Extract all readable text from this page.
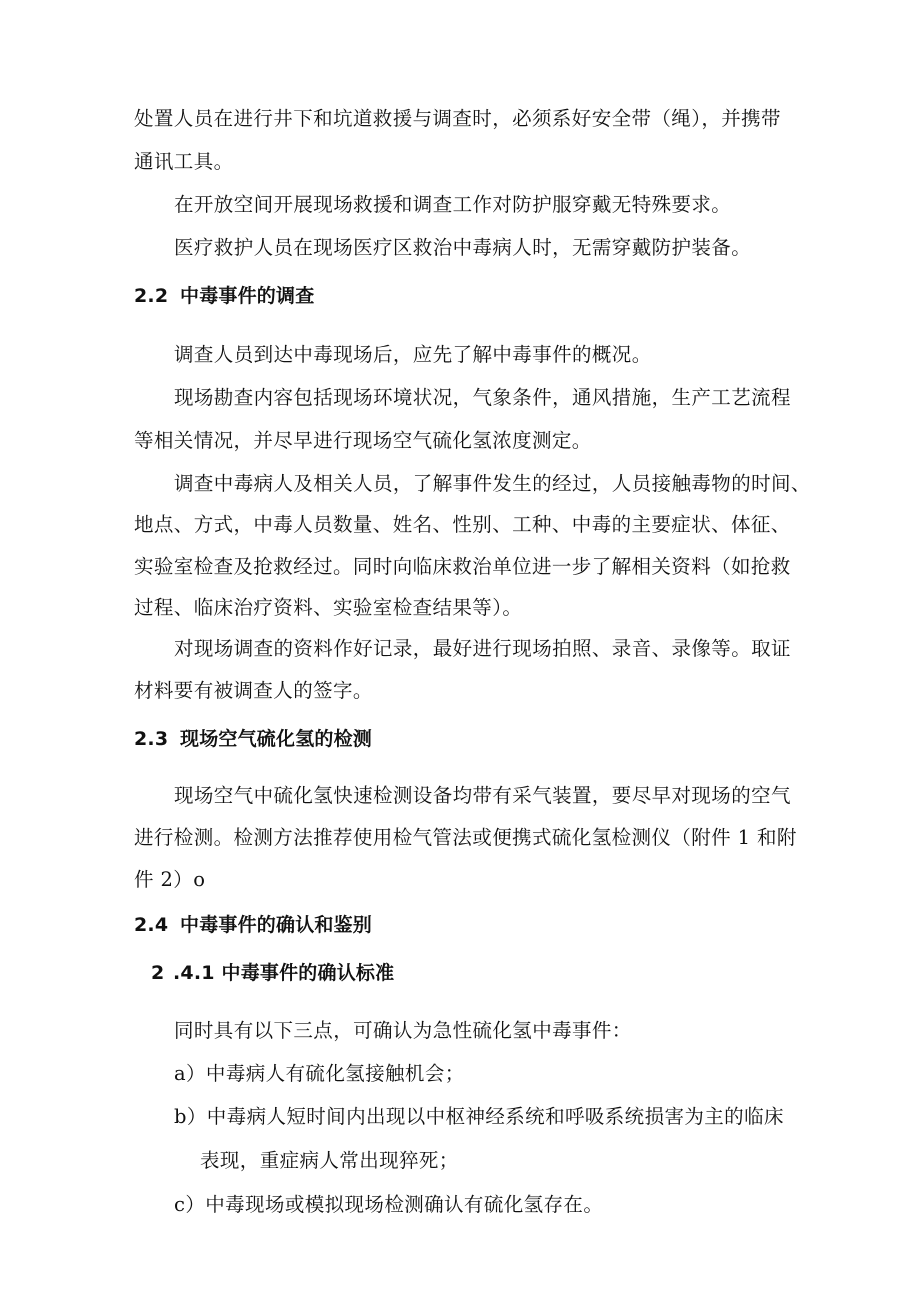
处置人员在进行井下和坑道救援与调查时，必须系好安全带（绳），并携带
通讯工具。
在开放空间开展现场救援和调查工作对防护服穿戴无特殊要求。
医疗救护人员在现场医疗区救治中毒病人时，无需穿戴防护装备。
2.2 中毒事件的调查
调查人员到达中毒现场后，应先了解中毒事件的概况。
现场勘查内容包括现场环境状况，气象条件，通风措施，生产工艺流程
等相关情况，并尽早进行现场空气硫化氢浓度测定。
调查中毒病人及相关人员，了解事件发生的经过，人员接触毒物的时间、
地点、方式，中毒人员数量、姓名、性别、工种、中毒的主要症状、体征、
实验室检查及抢救经过。同时向临床救治单位进一步了解相关资料（如抢救
过程、临床治疗资料、实验室检查结果等）。
对现场调查的资料作好记录，最好进行现场拍照、录音、录像等。取证
材料要有被调查人的签字。
2.3 现场空气硫化氢的检测
现场空气中硫化氢快速检测设备均带有采气装置，要尽早对现场的空气
进行检测。检测方法推荐使用检气管法或便携式硫化氢检测仪（附件 1 和附
件 2）o
2.4 中毒事件的确认和鉴别
2 .4.1 中毒事件的确认标准
同时具有以下三点，可确认为急性硫化氢中毒事件：
a）中毒病人有硫化氢接触机会；
b）中毒病人短时间内出现以中枢神经系统和呼吸系统损害为主的临床
表现，重症病人常出现猝死；
c）中毒现场或模拟现场检测确认有硫化氢存在。
